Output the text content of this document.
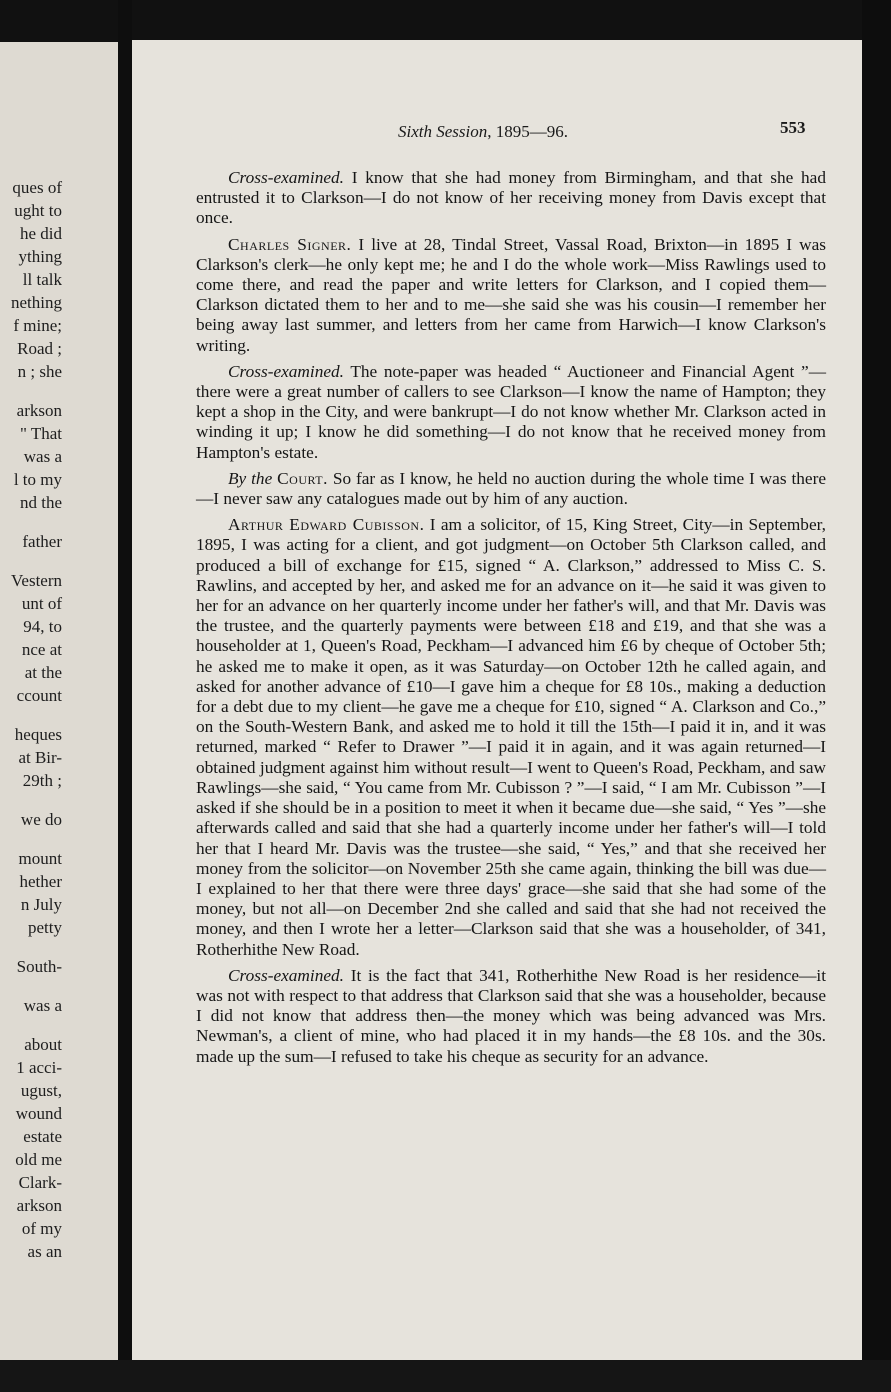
ques of
ught to
he did
ything
ll talk
nething
f mine;
Road ;
n ; she
arkson
" That
was a
l to my
nd the
father
Vestern
unt of
94, to
nce at
at the
ccount
heques
at Bir-
29th ;
we do
mount
hether
n July
petty
South-
was a
about
1 acci-
ugust,
wound
estate
old me
Clark-
arkson
of my
as an
Sixth Session, 1895—96.	553
Cross-examined. I know that she had money from Birmingham, and that she had entrusted it to Clarkson—I do not know of her receiving money from Davis except that once.
Charles Signer. I live at 28, Tindal Street, Vassal Road, Brixton—in 1895 I was Clarkson's clerk—he only kept me; he and I do the whole work—Miss Rawlings used to come there, and read the paper and write letters for Clarkson, and I copied them—Clarkson dictated them to her and to me—she said she was his cousin—I remember her being away last summer, and letters from her came from Harwich—I know Clarkson's writing.
Cross-examined. The note-paper was headed “ Auctioneer and Financial Agent ”—there were a great number of callers to see Clarkson—I know the name of Hampton; they kept a shop in the City, and were bankrupt—I do not know whether Mr. Clarkson acted in winding it up; I know he did something—I do not know that he received money from Hampton's estate.
By the Court. So far as I know, he held no auction during the whole time I was there—I never saw any catalogues made out by him of any auction.
Arthur Edward Cubisson. I am a solicitor, of 15, King Street, City—in September, 1895, I was acting for a client, and got judgment—on October 5th Clarkson called, and produced a bill of exchange for £15, signed “ A. Clarkson,” addressed to Miss C. S. Rawlins, and accepted by her, and asked me for an advance on it—he said it was given to her for an advance on her quarterly income under her father's will, and that Mr. Davis was the trustee, and the quarterly payments were between £18 and £19, and that she was a householder at 1, Queen's Road, Peckham—I advanced him £6 by cheque of October 5th; he asked me to make it open, as it was Saturday—on October 12th he called again, and asked for another advance of £10—I gave him a cheque for £8 10s., making a deduction for a debt due to my client—he gave me a cheque for £10, signed “ A. Clarkson and Co.,” on the South-Western Bank, and asked me to hold it till the 15th—I paid it in, and it was returned, marked “ Refer to Drawer ”—I paid it in again, and it was again returned—I obtained judgment against him without result—I went to Queen's Road, Peckham, and saw Rawlings—she said, “ You came from Mr. Cubisson ? ”—I said, “ I am Mr. Cubisson ”—I asked if she should be in a position to meet it when it became due—she said, “ Yes ”—she afterwards called and said that she had a quarterly income under her father's will—I told her that I heard Mr. Davis was the trustee—she said, “ Yes,” and that she received her money from the solicitor—on November 25th she came again, thinking the bill was due—I explained to her that there were three days' grace—she said that she had some of the money, but not all—on December 2nd she called and said that she had not received the money, and then I wrote her a letter—Clarkson said that she was a householder, of 341, Rotherhithe New Road.
Cross-examined. It is the fact that 341, Rotherhithe New Road is her residence—it was not with respect to that address that Clarkson said that she was a householder, because I did not know that address then—the money which was being advanced was Mrs. Newman's, a client of mine, who had placed it in my hands—the £8 10s. and the 30s. made up the sum—I refused to take his cheque as security for an advance.
